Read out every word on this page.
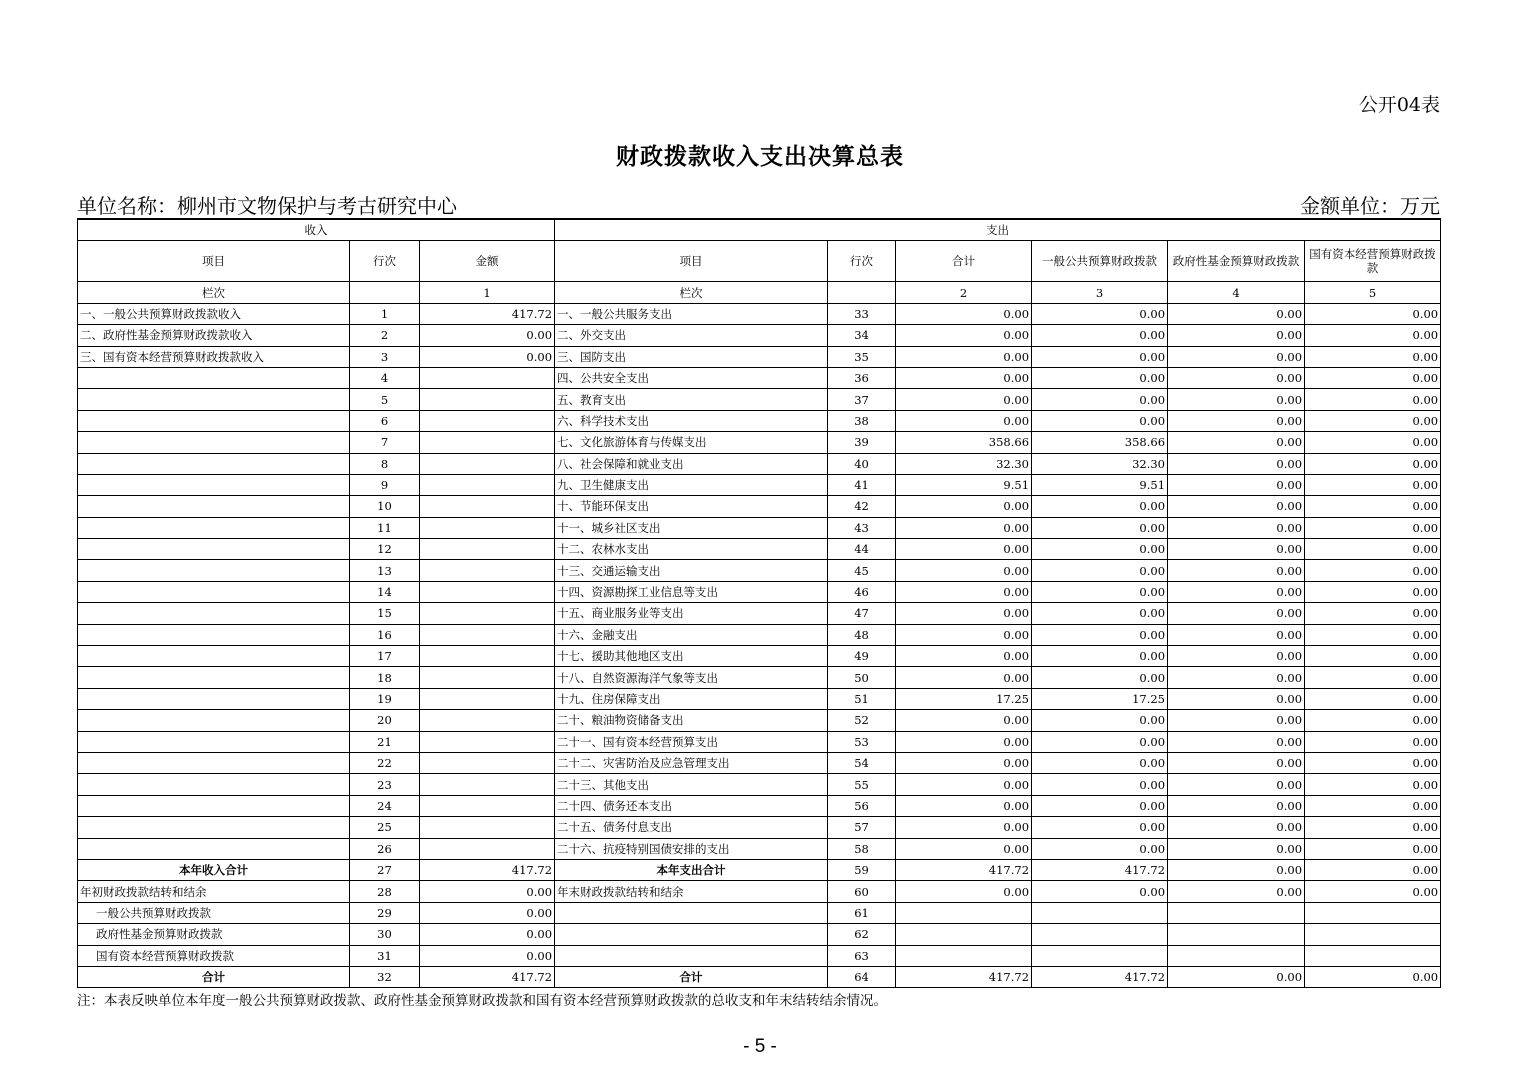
公开04表
财政拨款收入支出决算总表
单位名称：柳州市文物保护与考古研究中心	金额单位：万元
收入			支出					
项目	行次	金额	项目	行次	合计	一般公共预算财政拨款	政府性基金预算财政拨款	国有资本经营预算财政拨款
栏次		1	栏次		2	3	4	5
一、一般公共预算财政拨款收入	1	417.72	一、一般公共服务支出	33	0.00	0.00	0.00	0.00
二、政府性基金预算财政拨款收入	2	0.00	二、外交支出	34	0.00	0.00	0.00	0.00
三、国有资本经营预算财政拨款收入	3	0.00	三、国防支出	35	0.00	0.00	0.00	0.00
	4		四、公共安全支出	36	0.00	0.00	0.00	0.00
	5		五、教育支出	37	0.00	0.00	0.00	0.00
	6		六、科学技术支出	38	0.00	0.00	0.00	0.00
	7		七、文化旅游体育与传媒支出	39	358.66	358.66	0.00	0.00
	8		八、社会保障和就业支出	40	32.30	32.30	0.00	0.00
	9		九、卫生健康支出	41	9.51	9.51	0.00	0.00
	10		十、节能环保支出	42	0.00	0.00	0.00	0.00
	11		十一、城乡社区支出	43	0.00	0.00	0.00	0.00
	12		十二、农林水支出	44	0.00	0.00	0.00	0.00
	13		十三、交通运输支出	45	0.00	0.00	0.00	0.00
	14		十四、资源勘探工业信息等支出	46	0.00	0.00	0.00	0.00
	15		十五、商业服务业等支出	47	0.00	0.00	0.00	0.00
	16		十六、金融支出	48	0.00	0.00	0.00	0.00
	17		十七、援助其他地区支出	49	0.00	0.00	0.00	0.00
	18		十八、自然资源海洋气象等支出	50	0.00	0.00	0.00	0.00
	19		十九、住房保障支出	51	17.25	17.25	0.00	0.00
	20		二十、粮油物资储备支出	52	0.00	0.00	0.00	0.00
	21		二十一、国有资本经营预算支出	53	0.00	0.00	0.00	0.00
	22		二十二、灾害防治及应急管理支出	54	0.00	0.00	0.00	0.00
	23		二十三、其他支出	55	0.00	0.00	0.00	0.00
	24		二十四、债务还本支出	56	0.00	0.00	0.00	0.00
	25		二十五、债务付息支出	57	0.00	0.00	0.00	0.00
	26		二十六、抗疫特别国债安排的支出	58	0.00	0.00	0.00	0.00
本年收入合计	27	417.72	本年支出合计	59	417.72	417.72	0.00	0.00
年初财政拨款结转和结余	28	0.00	年末财政拨款结转和结余	60	0.00	0.00	0.00	0.00
一般公共预算财政拨款	29	0.00		61				
政府性基金预算财政拨款	30	0.00		62				
国有资本经营预算财政拨款	31	0.00		63				
合计	32	417.72	合计	64	417.72	417.72	0.00	0.00
注：本表反映单位本年度一般公共预算财政拨款、政府性基金预算财政拨款和国有资本经营预算财政拨款的总收支和年末结转结余情况。
- 5 -
